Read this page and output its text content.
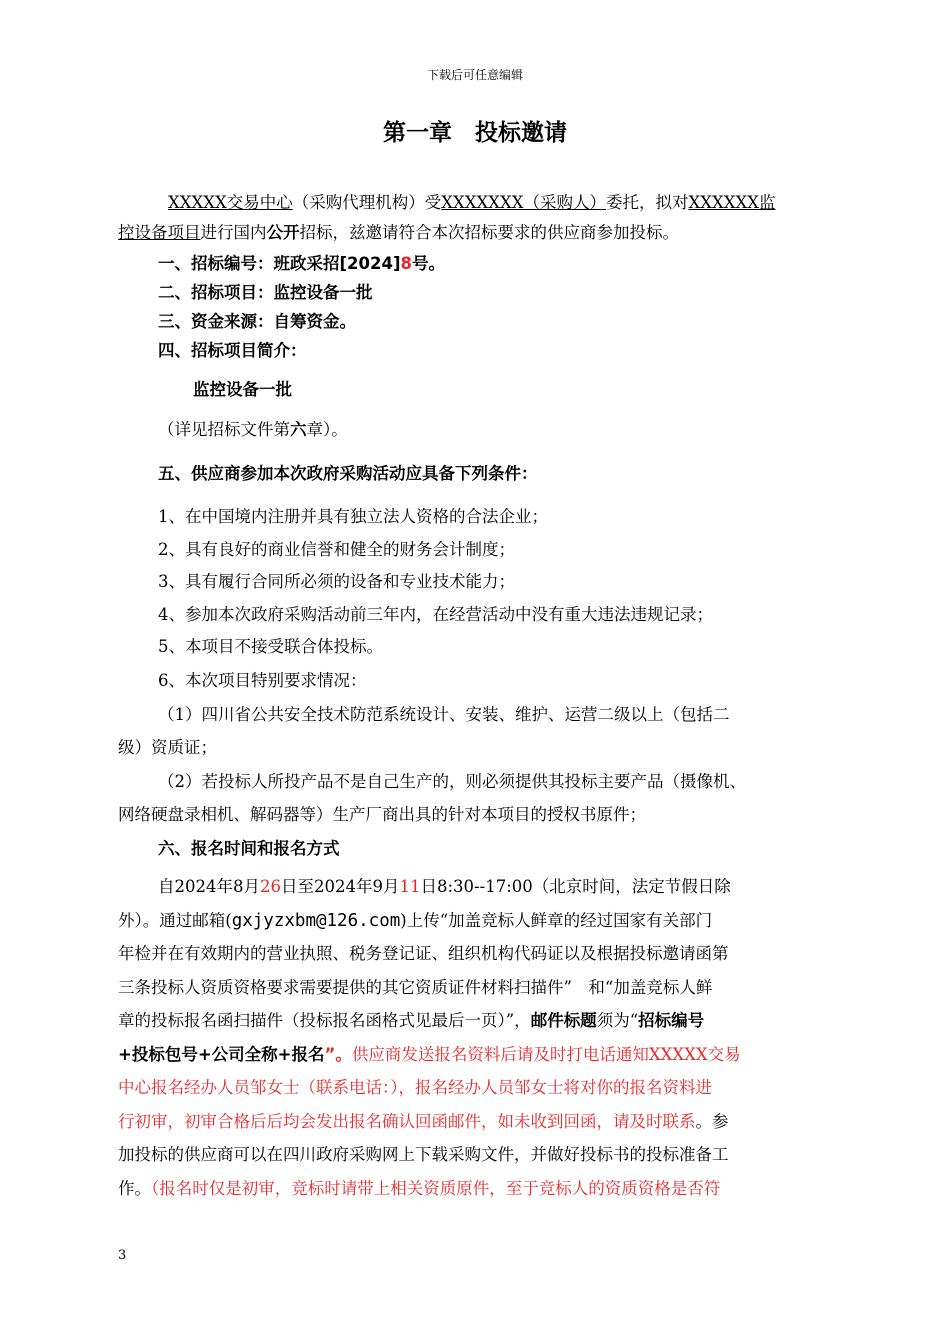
下载后可任意编辑
第一章　投标邀请
XXXXX交易中心（采购代理机构）受XXXXXXX（采购人）委托，拟对XXXXXX监
控设备项目进行国内公开招标，兹邀请符合本次招标要求的供应商参加投标。
一、招标编号：班政采招[2024]8号。
二、招标项目：监控设备一批
三、资金来源：自筹资金。
四、招标项目简介：
监控设备一批
（详见招标文件第六章）。
五、供应商参加本次政府采购活动应具备下列条件：
1、在中国境内注册并具有独立法人资格的合法企业；
2、具有良好的商业信誉和健全的财务会计制度；
3、具有履行合同所必须的设备和专业技术能力；
4、参加本次政府采购活动前三年内，在经营活动中没有重大违法违规记录；
5、本项目不接受联合体投标。
6、本次项目特别要求情况：
（1）四川省公共安全技术防范系统设计、安装、维护、运营二级以上（包括二
级）资质证；
（2）若投标人所投产品不是自己生产的，则必须提供其投标主要产品（摄像机、
网络硬盘录相机、解码器等）生产厂商出具的针对本项目的授权书原件；
六、报名时间和报名方式
自2024年8月26日至2024年9月11日8:30--17:00（北京时间，法定节假日除
外）。通过邮箱(gxjyzxbm@126.com)上传“加盖竞标人鲜章的经过国家有关部门
年检并在有效期内的营业执照、税务登记证、组织机构代码证以及根据投标邀请函第
三条投标人资质资格要求需要提供的其它资质证件材料扫描件”　和“加盖竞标人鲜
章的投标报名函扫描件（投标报名函格式见最后一页）”，邮件标题须为“招标编号
+投标包号+公司全称+报名”。供应商发送报名资料后请及时打电话通知XXXXX交易
中心报名经办人员邹女士（联系电话：），报名经办人员邹女士将对你的报名资料进
行初审，初审合格后后均会发出报名确认回函邮件，如未收到回函，请及时联系。参
加投标的供应商可以在四川政府采购网上下载采购文件，并做好投标书的投标准备工
作。（报名时仅是初审，竞标时请带上相关资质原件，至于竞标人的资质资格是否符
3
